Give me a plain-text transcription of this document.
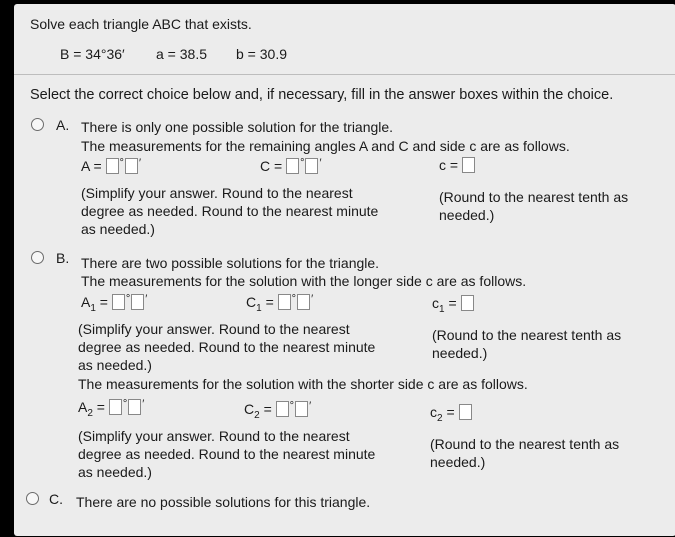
Solve each triangle ABC that exists.
B = 34°36′ a = 38.5 b = 30.9
Select the correct choice below and, if necessary, fill in the answer boxes within the choice.
A. There is only one possible solution for the triangle.
The measurements for the remaining angles A and C and side c are as follows.
A = ° ′	C = ° ′	c =
(Simplify your answer. Round to the nearest
degree as needed. Round to the nearest minute
as needed.)
(Round to the nearest tenth as
needed.)
B. There are two possible solutions for the triangle.
The measurements for the solution with the longer side c are as follows.
$A_1 = ^\circ$ ′	$C_1 = ^\circ$ ′	$c_1$ =
(Simplify your answer. Round to the nearest
degree as needed. Round to the nearest minute
as needed.)
(Round to the nearest tenth as
needed.)
The measurements for the solution with the shorter side c are as follows.
$A_2 = ^\circ$ ′	$C_2 = ^\circ$ ′	$c_2$ =
(Simplify your answer. Round to the nearest
degree as needed. Round to the nearest minute
as needed.)
(Round to the nearest tenth as
needed.)
C. There are no possible solutions for this triangle.
